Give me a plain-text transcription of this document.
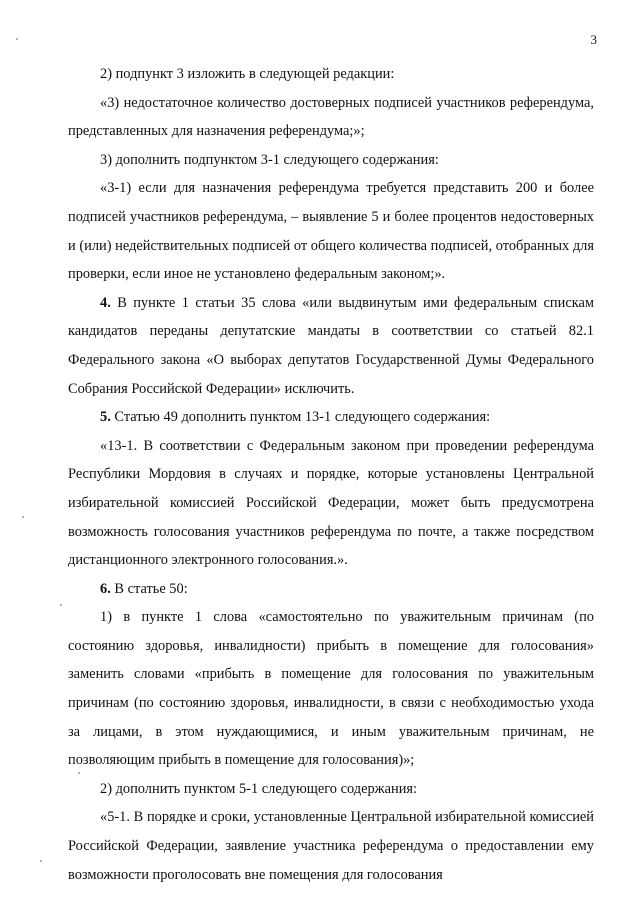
3

2) подпункт 3 изложить в следующей редакции:

«3) недостаточное количество достоверных подписей участников референдума, представленных для назначения референдума;»;

3) дополнить подпунктом 3-1 следующего содержания:

«3-1) если для назначения референдума требуется представить 200 и более подписей участников референдума, – выявление 5 и более процентов недостоверных и (или) недействительных подписей от общего количества подписей, отобранных для проверки, если иное не установлено федеральным законом;».

4. В пункте 1 статьи 35 слова «или выдвинутым ими федеральным спискам кандидатов переданы депутатские мандаты в соответствии со статьей 82.1 Федерального закона «О выборах депутатов Государственной Думы Федерального Собрания Российской Федерации» исключить.

5. Статью 49 дополнить пунктом 13-1 следующего содержания:

«13-1. В соответствии с Федеральным законом при проведении референдума Республики Мордовия в случаях и порядке, которые установлены Центральной избирательной комиссией Российской Федерации, может быть предусмотрена возможность голосования участников референдума по почте, а также посредством дистанционного электронного голосования.».

6. В статье 50:

1) в пункте 1 слова «самостоятельно по уважительным причинам (по состоянию здоровья, инвалидности) прибыть в помещение для голосования» заменить словами «прибыть в помещение для голосования по уважительным причинам (по состоянию здоровья, инвалидности, в связи с необходимостью ухода за лицами, в этом нуждающимися, и иным уважительным причинам, не позволяющим прибыть в помещение для голосования)»;

2) дополнить пунктом 5-1 следующего содержания:

«5-1. В порядке и сроки, установленные Центральной избирательной комиссией Российской Федерации, заявление участника референдума о предоставлении ему возможности проголосовать вне помещения для голосования
